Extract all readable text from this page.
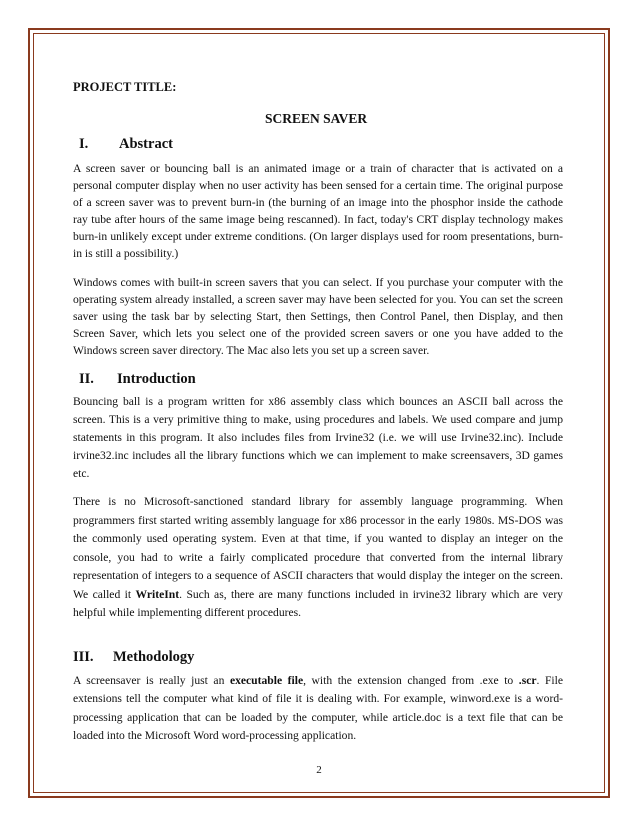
PROJECT TITLE:
SCREEN SAVER
I.	Abstract

A screen saver or bouncing ball is an animated image or a train of character that is activated on a personal computer display when no user activity has been sensed for a certain time. The original purpose of a screen saver was to prevent burn-in (the burning of an image into the phosphor inside the cathode ray tube after hours of the same image being rescanned). In fact, today's CRT display technology makes burn-in unlikely except under extreme conditions. (On larger displays used for room presentations, burn-in is still a possibility.)

Windows comes with built-in screen savers that you can select. If you purchase your computer with the operating system already installed, a screen saver may have been selected for you. You can set the screen saver using the task bar by selecting Start, then Settings, then Control Panel, then Display, and then Screen Saver, which lets you select one of the provided screen savers or one you have added to the Windows screen saver directory. The Mac also lets you set up a screen saver.

II.	Introduction

Bouncing ball is a program written for x86 assembly class which bounces an ASCII ball across the screen. This is a very primitive thing to make, using procedures and labels. We used compare and jump statements in this program. It also includes files from Irvine32 (i.e. we will use Irvine32.inc). Include irvine32.inc includes all the library functions which we can implement to make screensavers, 3D games etc.

There is no Microsoft-sanctioned standard library for assembly language programming. When programmers first started writing assembly language for x86 processor in the early 1980s. MS-DOS was the commonly used operating system. Even at that time, if you wanted to display an integer on the console, you had to write a fairly complicated procedure that converted from the internal library representation of integers to a sequence of ASCII characters that would display the integer on the screen. We called it WriteInt. Such as, there are many functions included in irvine32 library which are very helpful while implementing different procedures.

III.	Methodology

A screensaver is really just an executable file, with the extension changed from .exe to .scr. File extensions tell the computer what kind of file it is dealing with. For example, winword.exe is a word-processing application that can be loaded by the computer, while article.doc is a text file that can be loaded into the Microsoft Word word-processing application.

2
